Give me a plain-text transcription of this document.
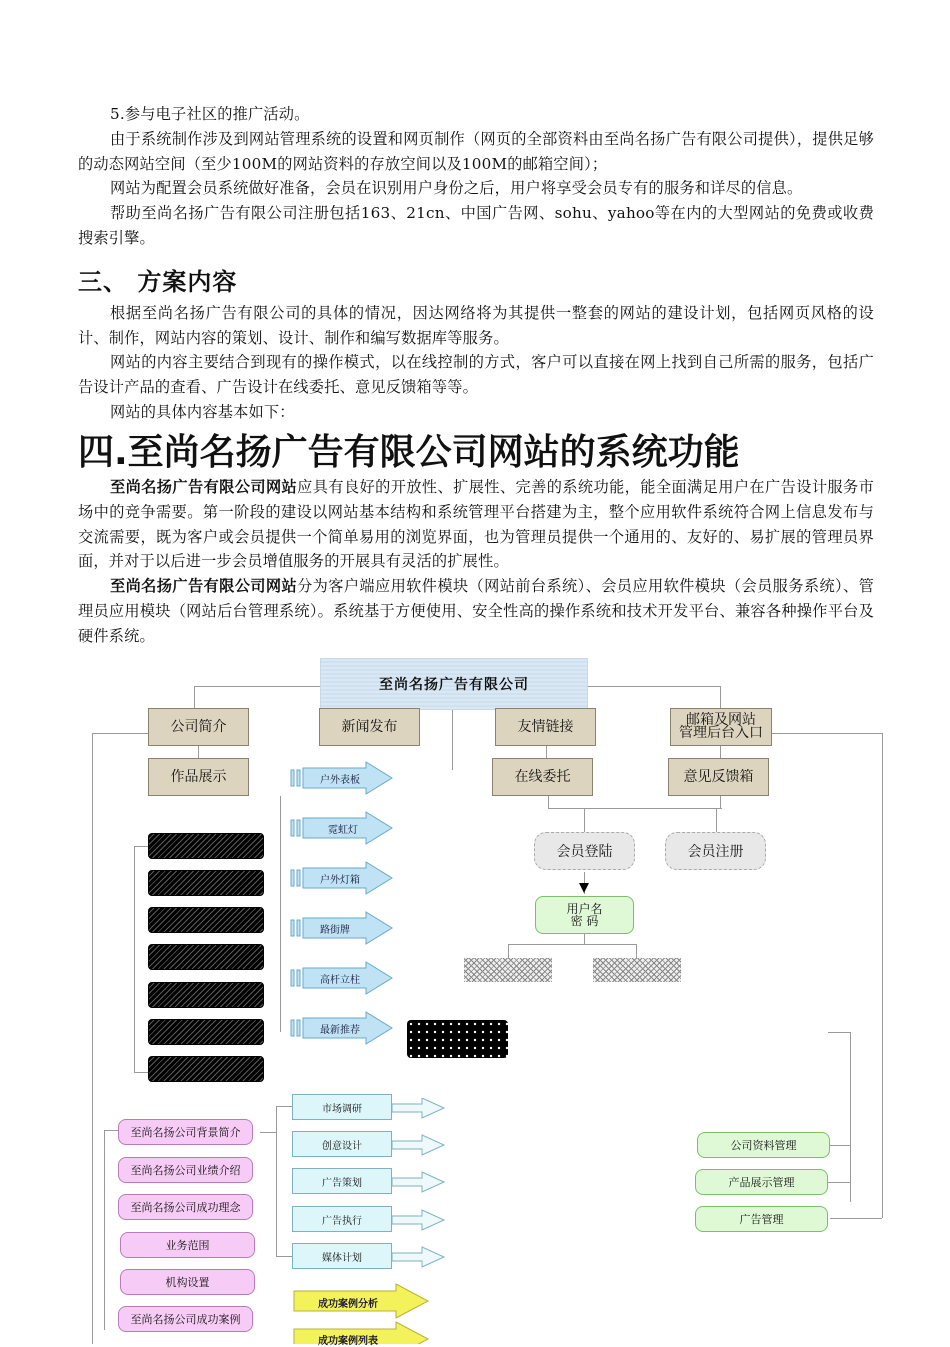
5.参与电子社区的推广活动。
由于系统制作涉及到网站管理系统的设置和网页制作（网页的全部资料由至尚名扬广告有限公司提供），提供足够的动态网站空间（至少100M的网站资料的存放空间以及100M的邮箱空间）；
网站为配置会员系统做好准备，会员在识别用户身份之后，用户将享受会员专有的服务和详尽的信息。
帮助至尚名扬广告有限公司注册包括163、21cn、中国广告网、sohu、yahoo等在内的大型网站的免费或收费搜索引擎。
三、 方案内容
根据至尚名扬广告有限公司的具体的情况，因达网络将为其提供一整套的网站的建设计划，包括网页风格的设计、制作，网站内容的策划、设计、制作和编写数据库等服务。
网站的内容主要结合到现有的操作模式，以在线控制的方式，客户可以直接在网上找到自己所需的服务，包括广告设计产品的查看、广告设计在线委托、意见反馈箱等等。
网站的具体内容基本如下：
四.至尚名扬广告有限公司网站的系统功能
至尚名扬广告有限公司网站应具有良好的开放性、扩展性、完善的系统功能，能全面满足用户在广告设计服务市场中的竞争需要。第一阶段的建设以网站基本结构和系统管理平台搭建为主，整个应用软件系统符合网上信息发布与交流需要，既为客户或会员提供一个简单易用的浏览界面，也为管理员提供一个通用的、友好的、易扩展的管理员界面，并对于以后进一步会员增值服务的开展具有灵活的扩展性。
至尚名扬广告有限公司网站分为客户端应用软件模块（网站前台系统）、会员应用软件模块（会员服务系统）、管理员应用模块（网站后台管理系统）。系统基于方便使用、安全性高的操作系统和技术开发平台、兼容各种操作平台及硬件系统。
至尚名扬广告有限公司
公司简介	新闻发布	友情链接	邮箱及网站
管理后台入口
作品展示	在线委托	意见反馈箱
会员登陆	会员注册
用户名
密 码
户外表板
霓虹灯
户外灯箱
路街牌
高杆立柱
最新推荐
市场调研
创意设计
广告策划
广告执行
媒体计划
至尚名扬公司背景简介
至尚名扬公司业绩介绍
至尚名扬公司成功理念
业务范围
机构设置
至尚名扬公司成功案例
成功案例分析
成功案例列表
公司资料管理
产品展示管理
广告管理
